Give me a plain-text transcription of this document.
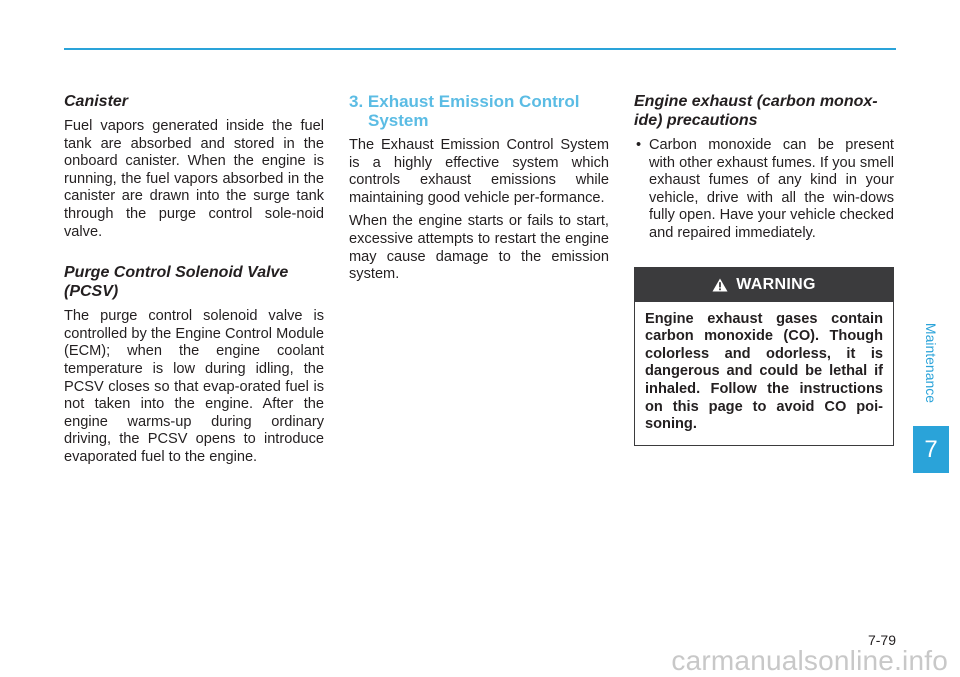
Canister

Fuel vapors generated inside the fuel tank are absorbed and stored in the onboard canister. When the engine is running, the fuel vapors absorbed in the canister are drawn into the surge tank through the purge control sole-noid valve.

Purge Control Solenoid Valve (PCSV)

The purge control solenoid valve is controlled by the Engine Control Module (ECM); when the engine coolant temperature is low during idling, the PCSV closes so that evap-orated fuel is not taken into the engine. After the engine warms-up during ordinary driving, the PCSV opens to introduce evaporated fuel to the engine.

3. Exhaust Emission Control System

The Exhaust Emission Control System is a highly effective system which controls exhaust emissions while maintaining good vehicle per-formance.

When the engine starts or fails to start, excessive attempts to restart the engine may cause damage to the emission system.

Engine exhaust (carbon monox-ide) precautions
• Carbon monoxide can be present with other exhaust fumes. If you smell exhaust fumes of any kind in your vehicle, drive with all the win-dows fully open. Have your vehicle checked and repaired immediately.
WARNING
Engine exhaust gases contain carbon monoxide (CO). Though colorless and odorless, it is dangerous and could be lethal if inhaled. Follow the instructions on this page to avoid CO poi-soning.
Maintenance
7
7-79
carmanualsonline.info
